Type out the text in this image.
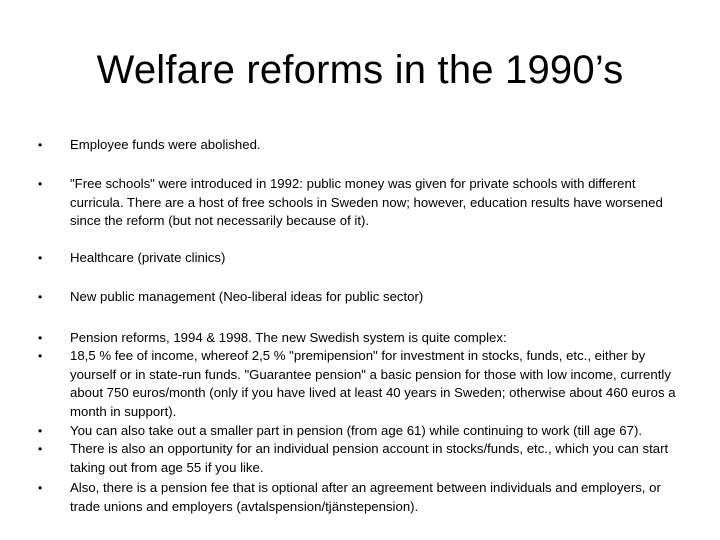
Welfare reforms in the 1990’s
• Employee funds were abolished.
• "Free schools" were introduced in 1992: public money was given for private schools with different curricula. There are a host of free schools in Sweden now; however, education results have worsened since the reform (but not necessarily because of it).
• Healthcare (private clinics)
• New public management (Neo-liberal ideas for public sector)
• Pension reforms, 1994 & 1998. The new Swedish system is quite complex:
• 18,5 % fee of income, whereof 2,5 % "premipension" for investment in stocks, funds, etc., either by yourself or in state-run funds. "Guarantee pension" a basic pension for those with low income, currently about 750 euros/month (only if you have lived at least 40 years in Sweden; otherwise about 460 euros a month in support).
• You can also take out a smaller part in pension (from age 61) while continuing to work (till age 67).
• There is also an opportunity for an individual pension account in stocks/funds, etc., which you can start taking out from age 55 if you like.
• Also, there is a pension fee that is optional after an agreement between individuals and employers, or trade unions and employers (avtalspension/tjänstepension).
